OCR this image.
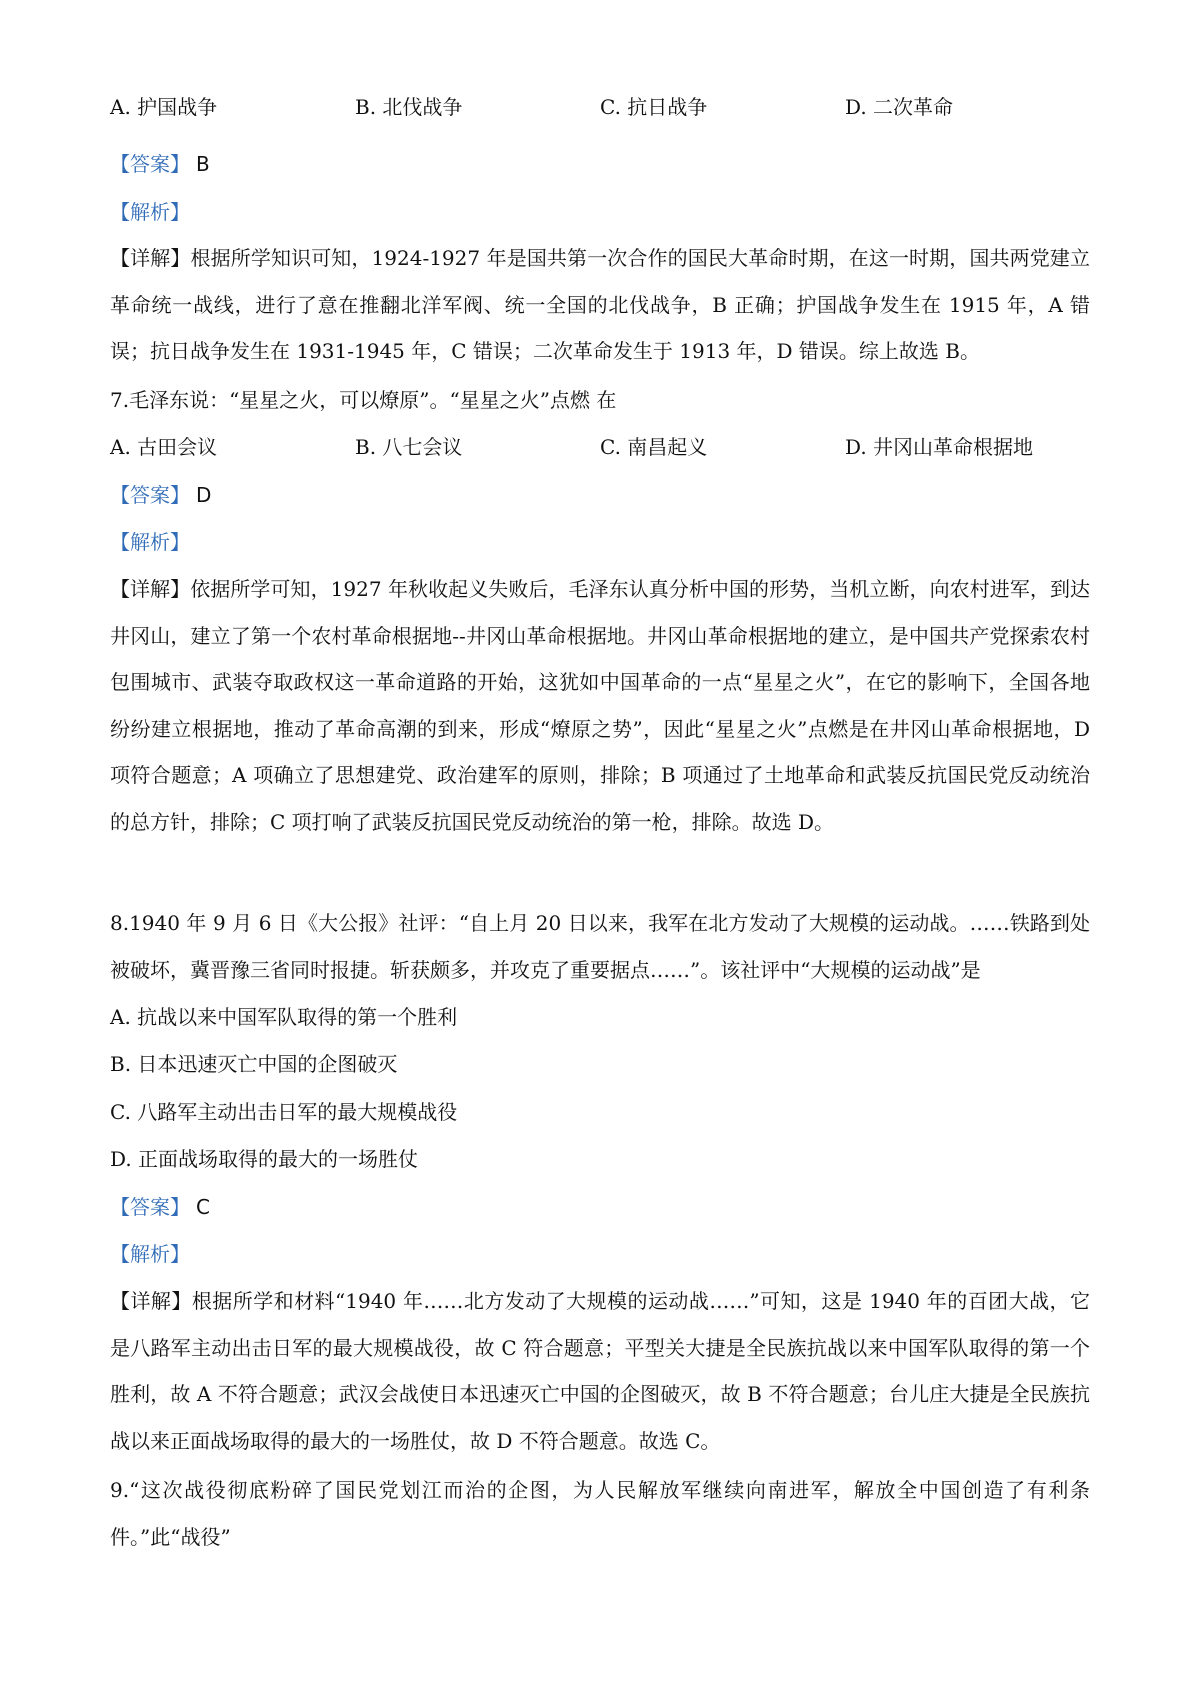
A. 护国战争	B. 北伐战争	C. 抗日战争	D. 二次革命
【答案】 B
【解析】
【详解】根据所学知识可知，1924-1927 年是国共第一次合作的国民大革命时期，在这一时期，国共两党建立革命统一战线，进行了意在推翻北洋军阀、统一全国的北伐战争，B 正确；护国战争发生在 1915 年，A 错误；抗日战争发生在 1931-1945 年，C 错误；二次革命发生于 1913 年，D 错误。综上故选 B。
7.毛泽东说：“星星之火，可以燎原”。“星星之火”点燃 在
A. 古田会议	B. 八七会议	C. 南昌起义	D. 井冈山革命根据地
【答案】 D
【解析】
【详解】依据所学可知，1927 年秋收起义失败后，毛泽东认真分析中国的形势，当机立断，向农村进军，到达井冈山，建立了第一个农村革命根据地--井冈山革命根据地。井冈山革命根据地的建立，是中国共产党探索农村包围城市、武装夺取政权这一革命道路的开始，这犹如中国革命的一点“星星之火”，在它的影响下，全国各地纷纷建立根据地，推动了革命高潮的到来，形成“燎原之势”，因此“星星之火”点燃是在井冈山革命根据地，D 项符合题意；A 项确立了思想建党、政治建军的原则，排除；B 项通过了土地革命和武装反抗国民党反动统治的总方针，排除；C 项打响了武装反抗国民党反动统治的第一枪，排除。故选 D。
8.1940 年 9 月 6 日《大公报》社评：“自上月 20 日以来，我军在北方发动了大规模的运动战。……铁路到处被破坏，冀晋豫三省同时报捷。斩获颇多，并攻克了重要据点……”。该社评中“大规模的运动战”是
A. 抗战以来中国军队取得的第一个胜利
B. 日本迅速灭亡中国的企图破灭
C. 八路军主动出击日军的最大规模战役
D. 正面战场取得的最大的一场胜仗
【答案】 C
【解析】
【详解】根据所学和材料“1940 年……北方发动了大规模的运动战……”可知，这是 1940 年的百团大战，它是八路军主动出击日军的最大规模战役，故 C 符合题意；平型关大捷是全民族抗战以来中国军队取得的第一个胜利，故 A 不符合题意；武汉会战使日本迅速灭亡中国的企图破灭，故 B 不符合题意；台儿庄大捷是全民族抗战以来正面战场取得的最大的一场胜仗，故 D 不符合题意。故选 C。
9.“这次战役彻底粉碎了国民党划江而治的企图，为人民解放军继续向南进军，解放全中国创造了有利条件。”此“战役”
